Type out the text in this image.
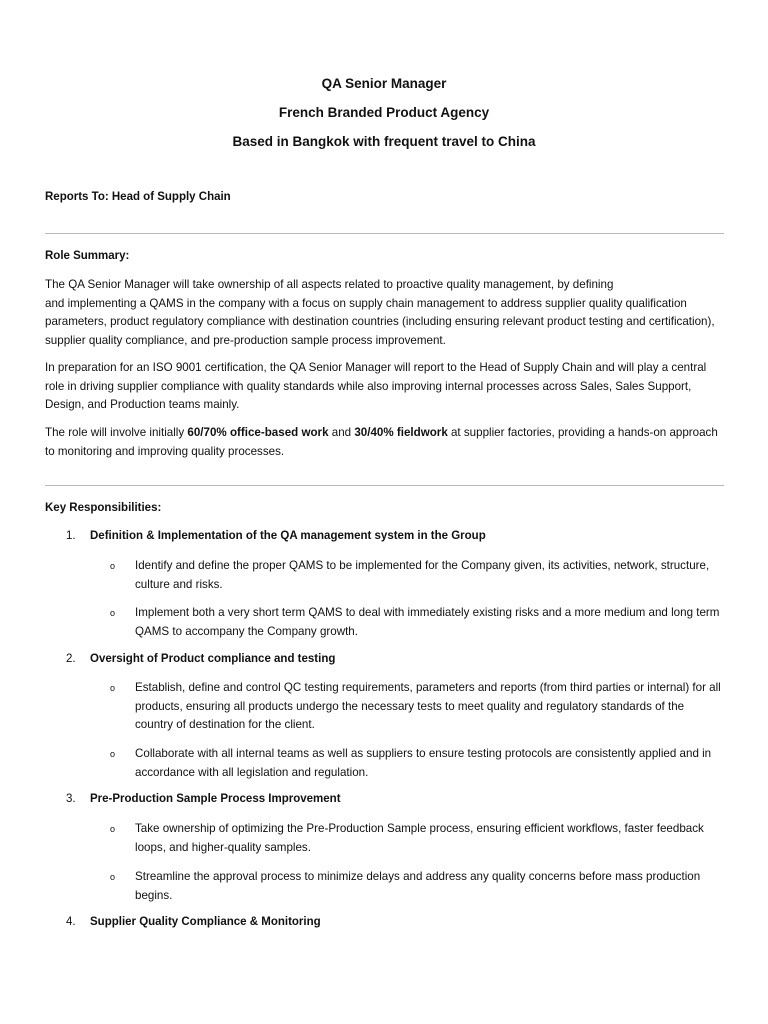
QA Senior Manager
French Branded Product Agency
Based in Bangkok with frequent travel to China
Reports To: Head of Supply Chain
Role Summary:
The QA Senior Manager will take ownership of all aspects related to proactive quality management, by defining
and implementing a QAMS in the company with a focus on supply chain management to address supplier quality qualification parameters, product regulatory compliance with destination countries (including ensuring relevant product testing and certification), supplier quality compliance, and pre-production sample process improvement.
In preparation for an ISO 9001 certification, the QA Senior Manager will report to the Head of Supply Chain and will play a central role in driving supplier compliance with quality standards while also improving internal processes across Sales, Sales Support, Design, and Production teams mainly.
The role will involve initially 60/70% office-based work and 30/40% fieldwork at supplier factories, providing a hands-on approach to monitoring and improving quality processes.
Key Responsibilities:
1. Definition & Implementation of the QA management system in the Group
o	Identify and define the proper QAMS to be implemented for the Company given, its activities, network, structure, culture and risks.
o	Implement both a very short term QAMS to deal with immediately existing risks and a more medium and long term QAMS to accompany the Company growth.
2. Oversight of Product compliance and testing
o	Establish, define and control QC testing requirements, parameters and reports (from third parties or internal) for all products, ensuring all products undergo the necessary tests to meet quality and regulatory standards of the country of destination for the client.
o	Collaborate with all internal teams as well as suppliers to ensure testing protocols are consistently applied and in accordance with all legislation and regulation.
3. Pre-Production Sample Process Improvement
o	Take ownership of optimizing the Pre-Production Sample process, ensuring efficient workflows, faster feedback loops, and higher-quality samples.
o	Streamline the approval process to minimize delays and address any quality concerns before mass production begins.
4. Supplier Quality Compliance & Monitoring
